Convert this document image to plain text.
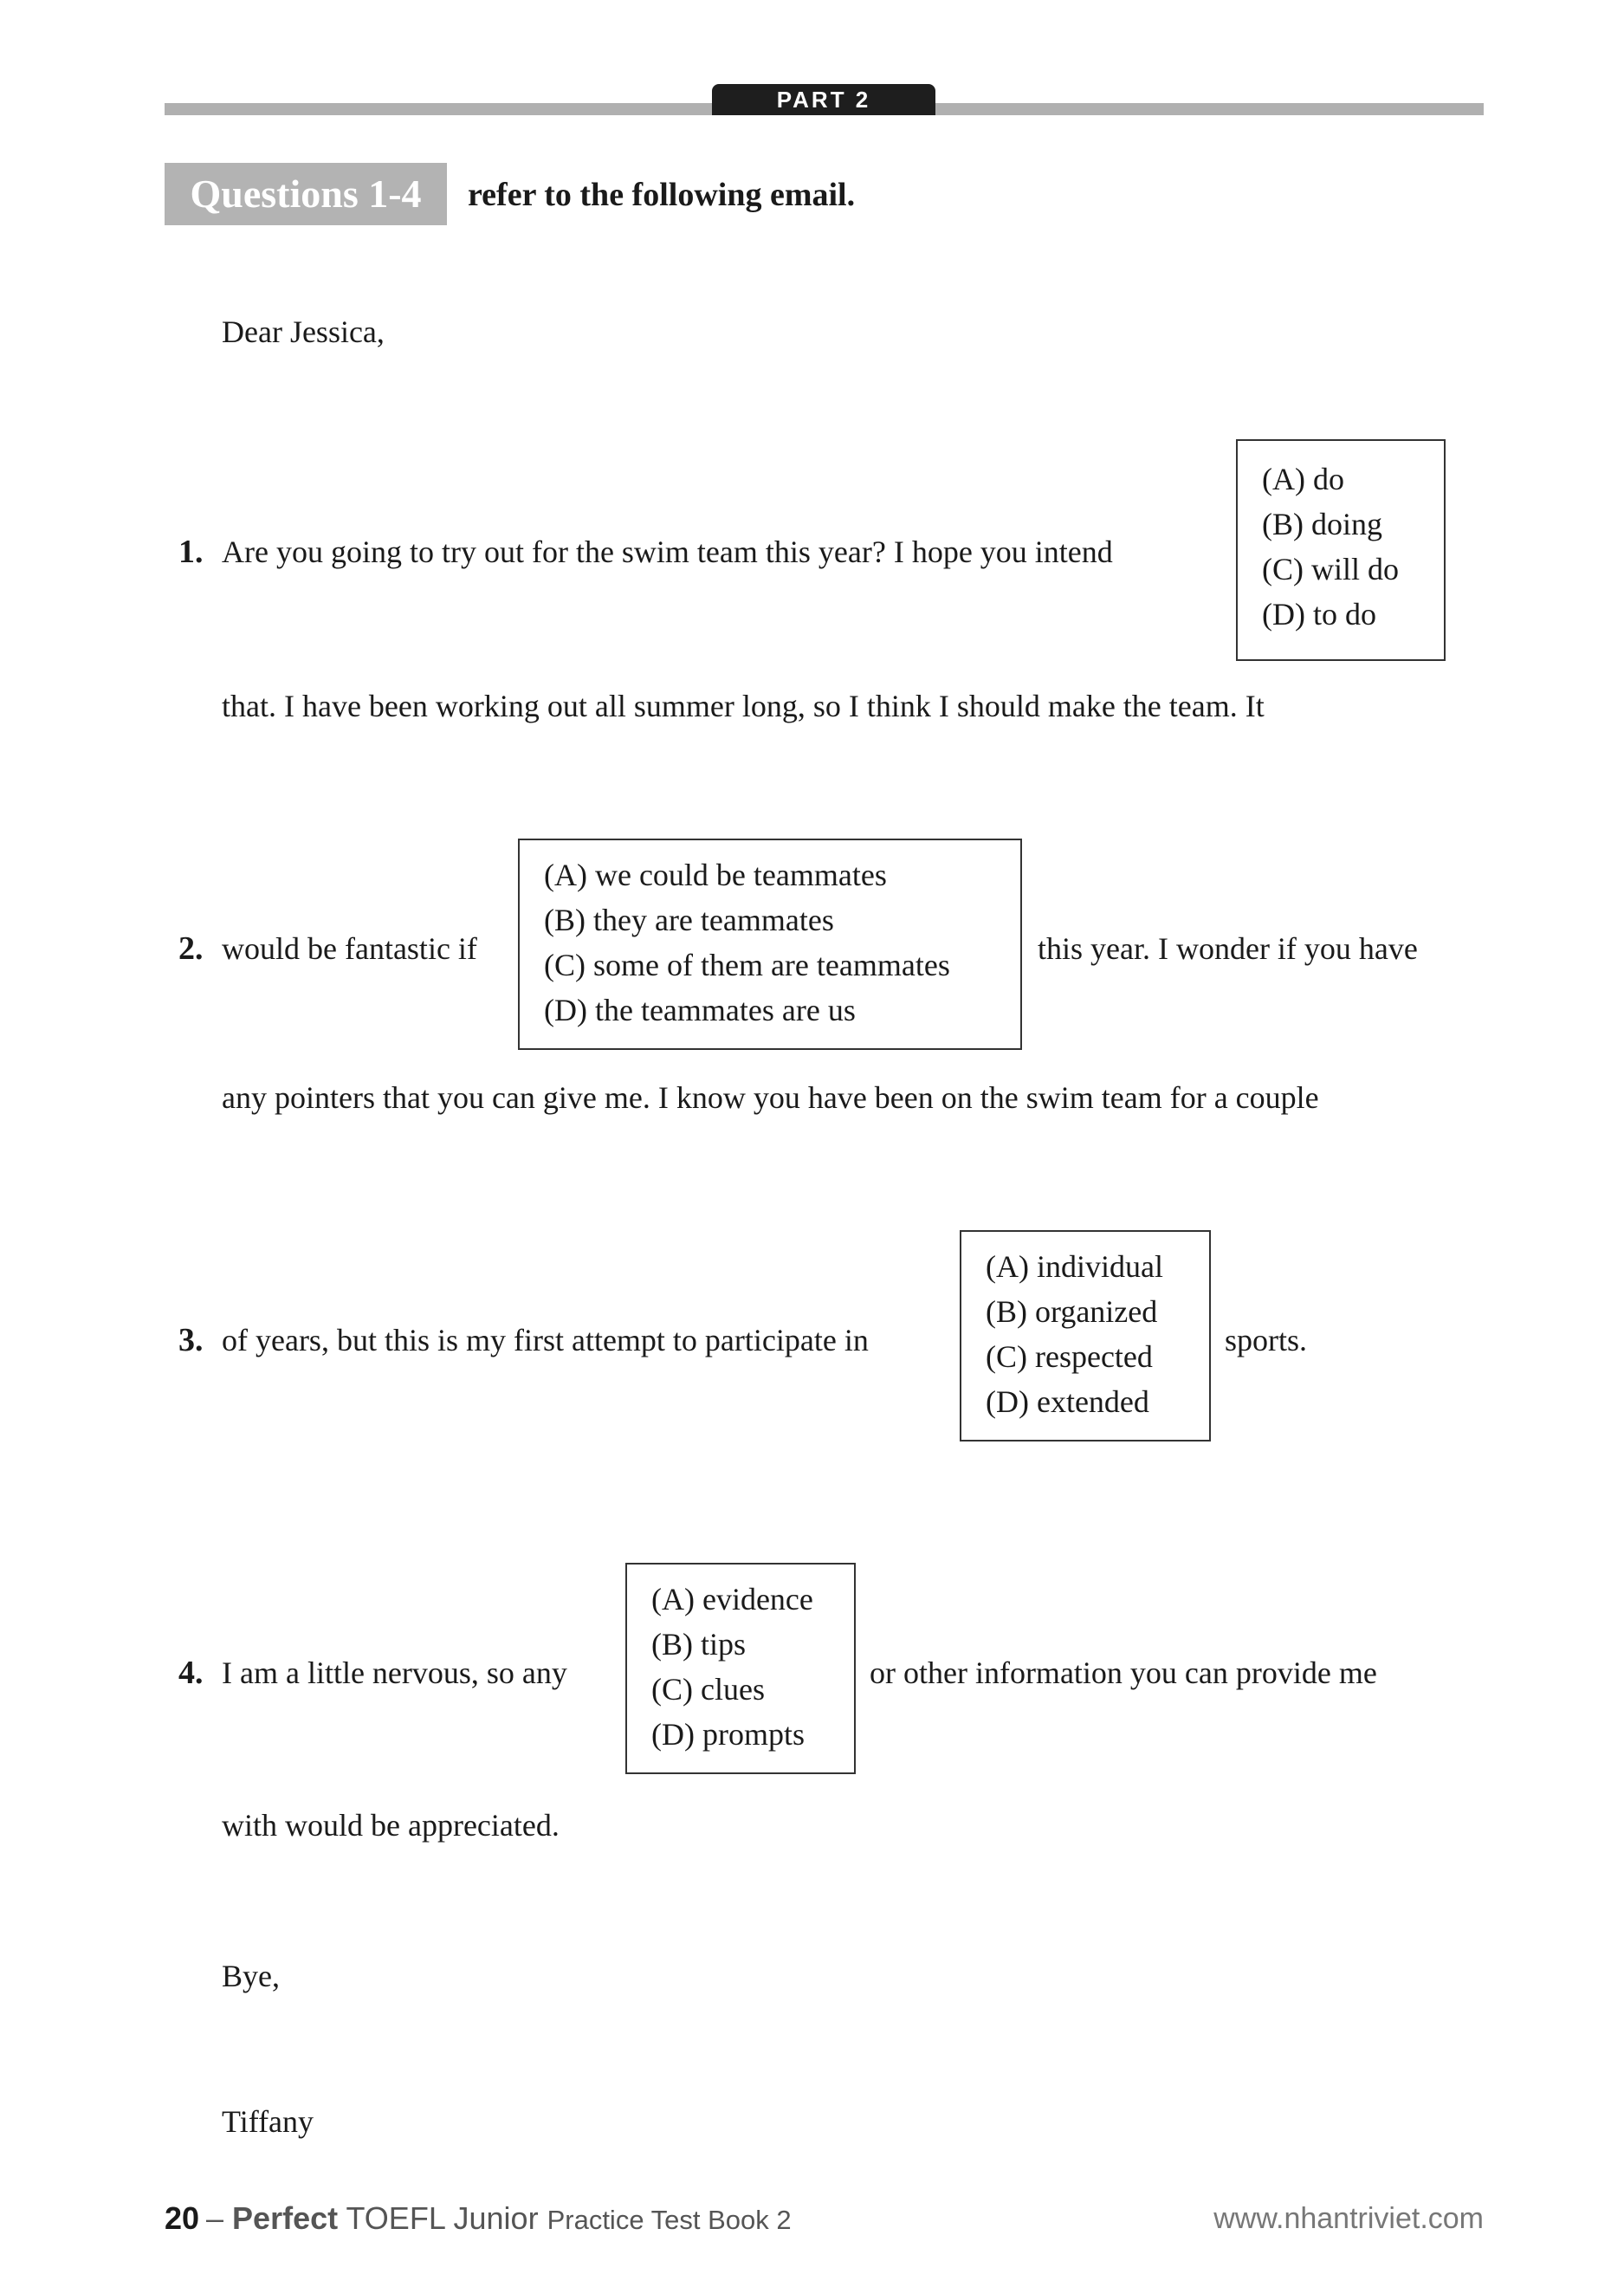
PART 2
Questions 1-4	refer to the following email.
Dear Jessica,
1. Are you going to try out for the swim team this year? I hope you intend
(A) do
(B) doing
(C) will do
(D) to do
that. I have been working out all summer long, so I think I should make the team. It
2. would be fantastic if
(A) we could be teammates
(B) they are teammates
(C) some of them are teammates
(D) the teammates are us
this year. I wonder if you have
any pointers that you can give me. I know you have been on the swim team for a couple
3. of years, but this is my first attempt to participate in
(A) individual
(B) organized
(C) respected
(D) extended
sports.
4. I am a little nervous, so any
(A) evidence
(B) tips
(C) clues
(D) prompts
or other information you can provide me
with would be appreciated.
Bye,
Tiffany
20 – Perfect TOEFL Junior Practice Test Book 2	www.nhantriviet.com
